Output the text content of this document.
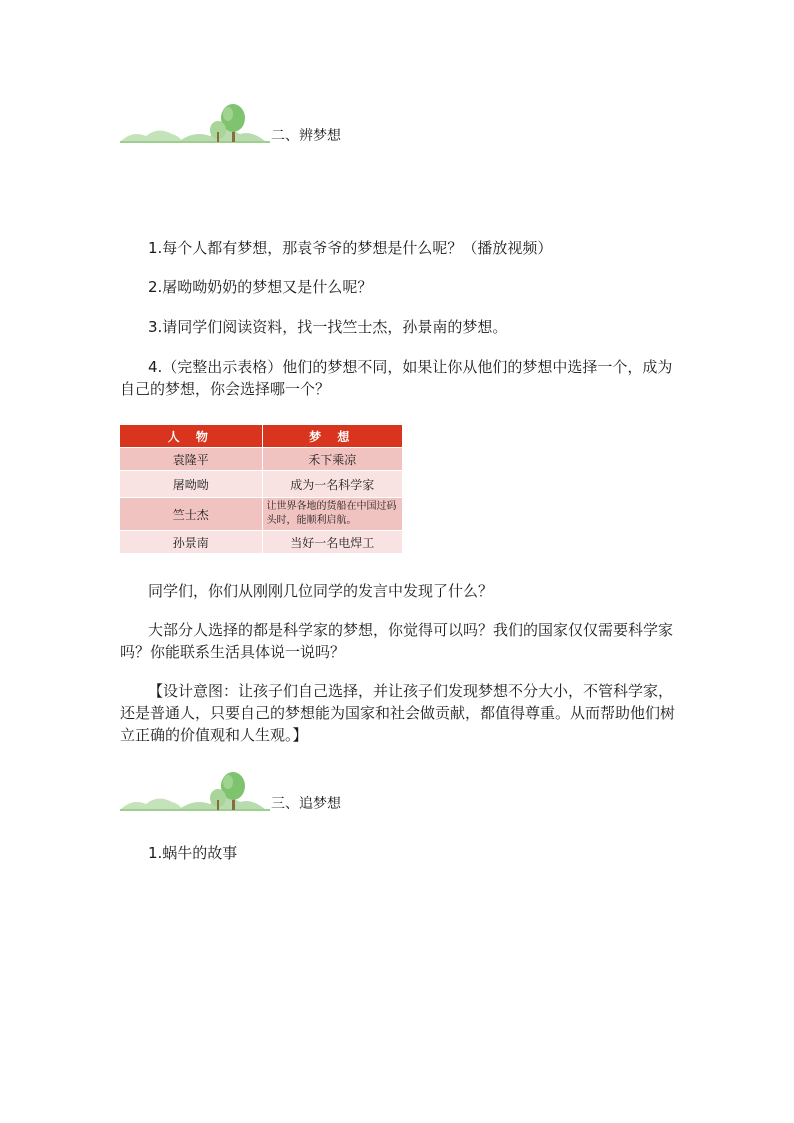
二、辨梦想

1.每个人都有梦想，那袁爷爷的梦想是什么呢？（播放视频）

2.屠呦呦奶奶的梦想又是什么呢？

3.请同学们阅读资料，找一找竺士杰，孙景南的梦想。

4.（完整出示表格）他们的梦想不同，如果让你从他们的梦想中选择一个，成为自己的梦想，你会选择哪一个？

人 物	梦 想
袁隆平	禾下乘凉
屠呦呦	成为一名科学家
竺士杰	让世界各地的货船在中国过码头时，能顺利启航。
孙景南	当好一名电焊工

同学们，你们从刚刚几位同学的发言中发现了什么？

大部分人选择的都是科学家的梦想，你觉得可以吗？我们的国家仅仅需要科学家吗？你能联系生活具体说一说吗？

【设计意图：让孩子们自己选择，并让孩子们发现梦想不分大小，不管科学家，还是普通人，只要自己的梦想能为国家和社会做贡献，都值得尊重。从而帮助他们树立正确的价值观和人生观。】

三、追梦想

1.蜗牛的故事
